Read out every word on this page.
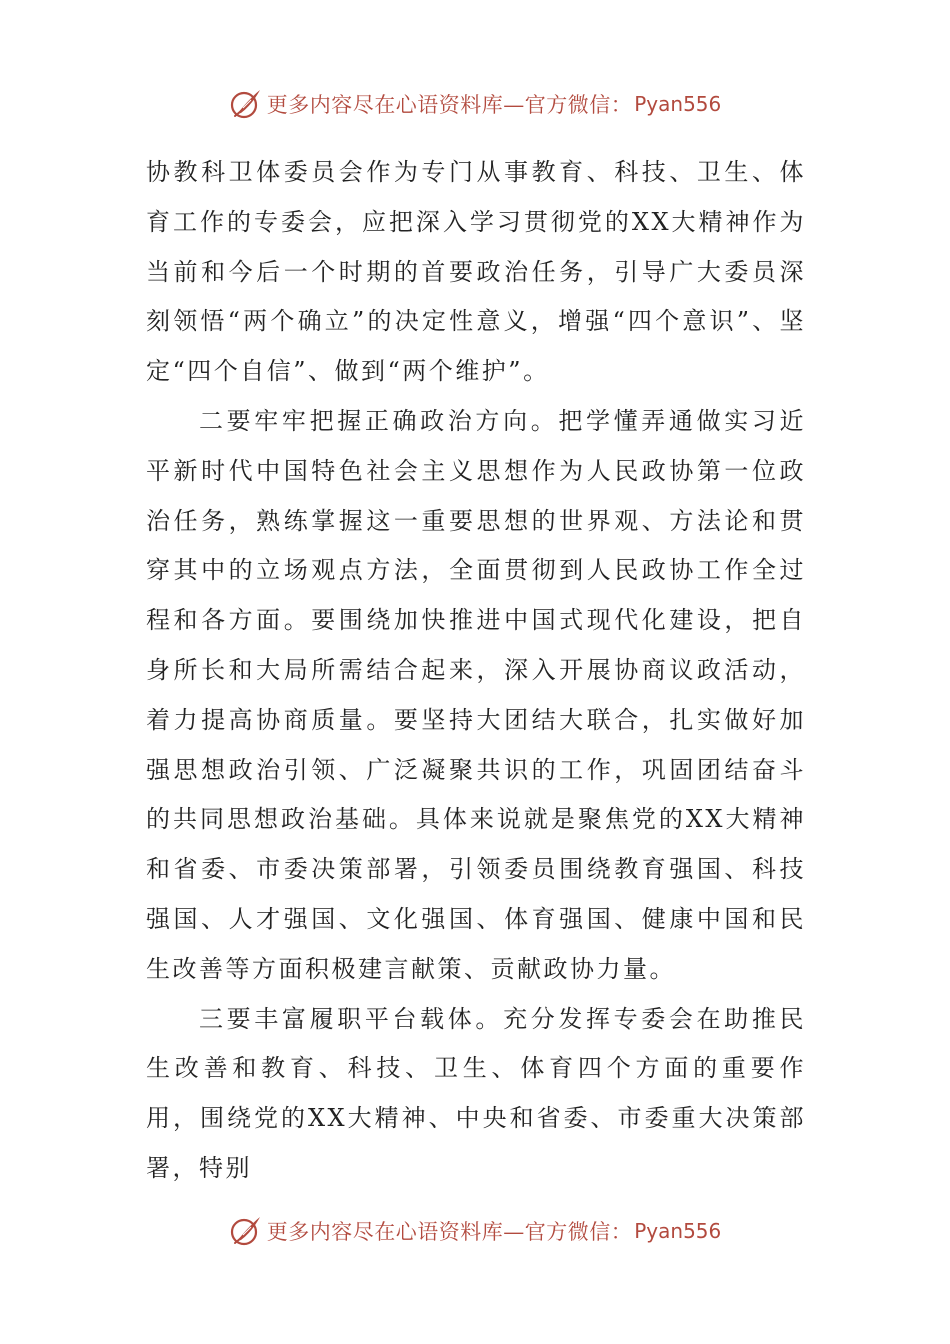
更多内容尽在心语资料库—官方微信： Pyan556

协教科卫体委员会作为专门从事教育、科技、卫生、体育工作的专委会，应把深入学习贯彻党的XX大精神作为当前和今后一个时期的首要政治任务，引导广大委员深刻领悟“两个确立”的决定性意义，增强“四个意识”、坚定“四个自信”、做到“两个维护”。

二要牢牢把握正确政治方向。把学懂弄通做实习近平新时代中国特色社会主义思想作为人民政协第一位政治任务，熟练掌握这一重要思想的世界观、方法论和贯穿其中的立场观点方法，全面贯彻到人民政协工作全过程和各方面。要围绕加快推进中国式现代化建设，把自身所长和大局所需结合起来，深入开展协商议政活动，着力提高协商质量。要坚持大团结大联合，扎实做好加强思想政治引领、广泛凝聚共识的工作，巩固团结奋斗的共同思想政治基础。具体来说就是聚焦党的XX大精神和省委、市委决策部署，引领委员围绕教育强国、科技强国、人才强国、文化强国、体育强国、健康中国和民生改善等方面积极建言献策、贡献政协力量。

三要丰富履职平台载体。充分发挥专委会在助推民生改善和教育、科技、卫生、体育四个方面的重要作用，围绕党的XX大精神、中央和省委、市委重大决策部署，特别

更多内容尽在心语资料库—官方微信： Pyan556
